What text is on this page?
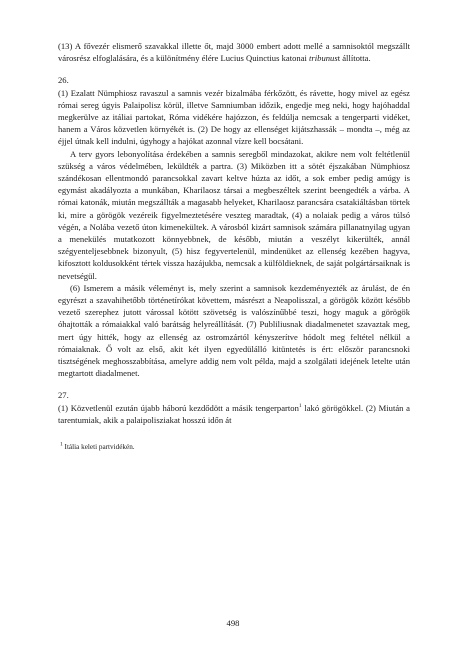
(13) A fővezér elismerő szavakkal illette őt, majd 3000 embert adott mellé a samnisoktól megszállt városrész elfoglalására, és a különítmény élére Lucius Quinctius katonai tribunust állította.

26.

(1) Ezalatt Nümphiosz ravaszul a samnis vezér bizalmába férkőzött, és rávette, hogy mivel az egész római sereg úgyis Palaipolisz körül, illetve Samniumban időzik, engedje meg neki, hogy hajóhaddal megkerülve az itáliai partokat, Róma vidékére hajózzon, és feldúlja nemcsak a tengerparti vidéket, hanem a Város közvetlen környékét is. (2) De hogy az ellenséget kijátszhassák – mondta –, még az éjjel útnak kell indulni, úgyhogy a hajókat azonnal vízre kell bocsátani.

A terv gyors lebonyolítása érdekében a samnis seregből mindazokat, akikre nem volt feltétlenül szükség a város védelmében, leküldték a partra. (3) Miközben itt a sötét éjszakában Nümphiosz szándékosan ellentmondó parancsokkal zavart keltve húzta az időt, a sok ember pedig amúgy is egymást akadályozta a munkában, Kharilaosz társai a megbeszéltek szerint beengedték a várba. A római katonák, miután megszállták a magasabb helyeket, Kharilaosz parancsára csatakiáltásban törtek ki, mire a görögök vezéreik figyelmeztetésére veszteg maradtak, (4) a nolaiak pedig a város túlsó végén, a Nolába vezető úton kimenekültek. A városból kizárt samnisok számára pillanatnyilag ugyan a menekülés mutatkozott könnyebbnek, de később, miután a veszélyt kikerülték, annál szégyenteljesebbnek bizonyult, (5) hisz fegyvertelenül, mindenüket az ellenség kezében hagyva, kifosztott koldusokként tértek vissza hazájukba, nemcsak a külföldieknek, de saját polgártársaiknak is nevetségül.

(6) Ismerem a másik véleményt is, mely szerint a samnisok kezdeményezték az árulást, de én egyrészt a szavahihetőbb történetírókat követtem, másrészt a Neapolisszal, a görögök között később vezető szerephez jutott várossal kötött szövetség is valószínűbbé teszi, hogy maguk a görögök óhajtották a rómaiakkal való barátság helyreállítását. (7) Publiliusnak diadalmenetet szavaztak meg, mert úgy hitték, hogy az ellenség az ostromzártól kényszerítve hódolt meg feltétel nélkül a rómaiaknak. Ő volt az első, akit két ilyen egyedülálló kitüntetés is ért: először parancsnoki tisztségének meghosszabbítása, amelyre addig nem volt példa, majd a szolgálati idejének letelte után megtartott diadalmenet.

27.

(1) Közvetlenül ezután újabb háború kezdődött a másik tengerparton$^1$ lakó görögökkel. (2) Miután a tarentumiak, akik a palaipolisziakat hosszú időn át

$^1$ Itália keleti partvidékén.
498
